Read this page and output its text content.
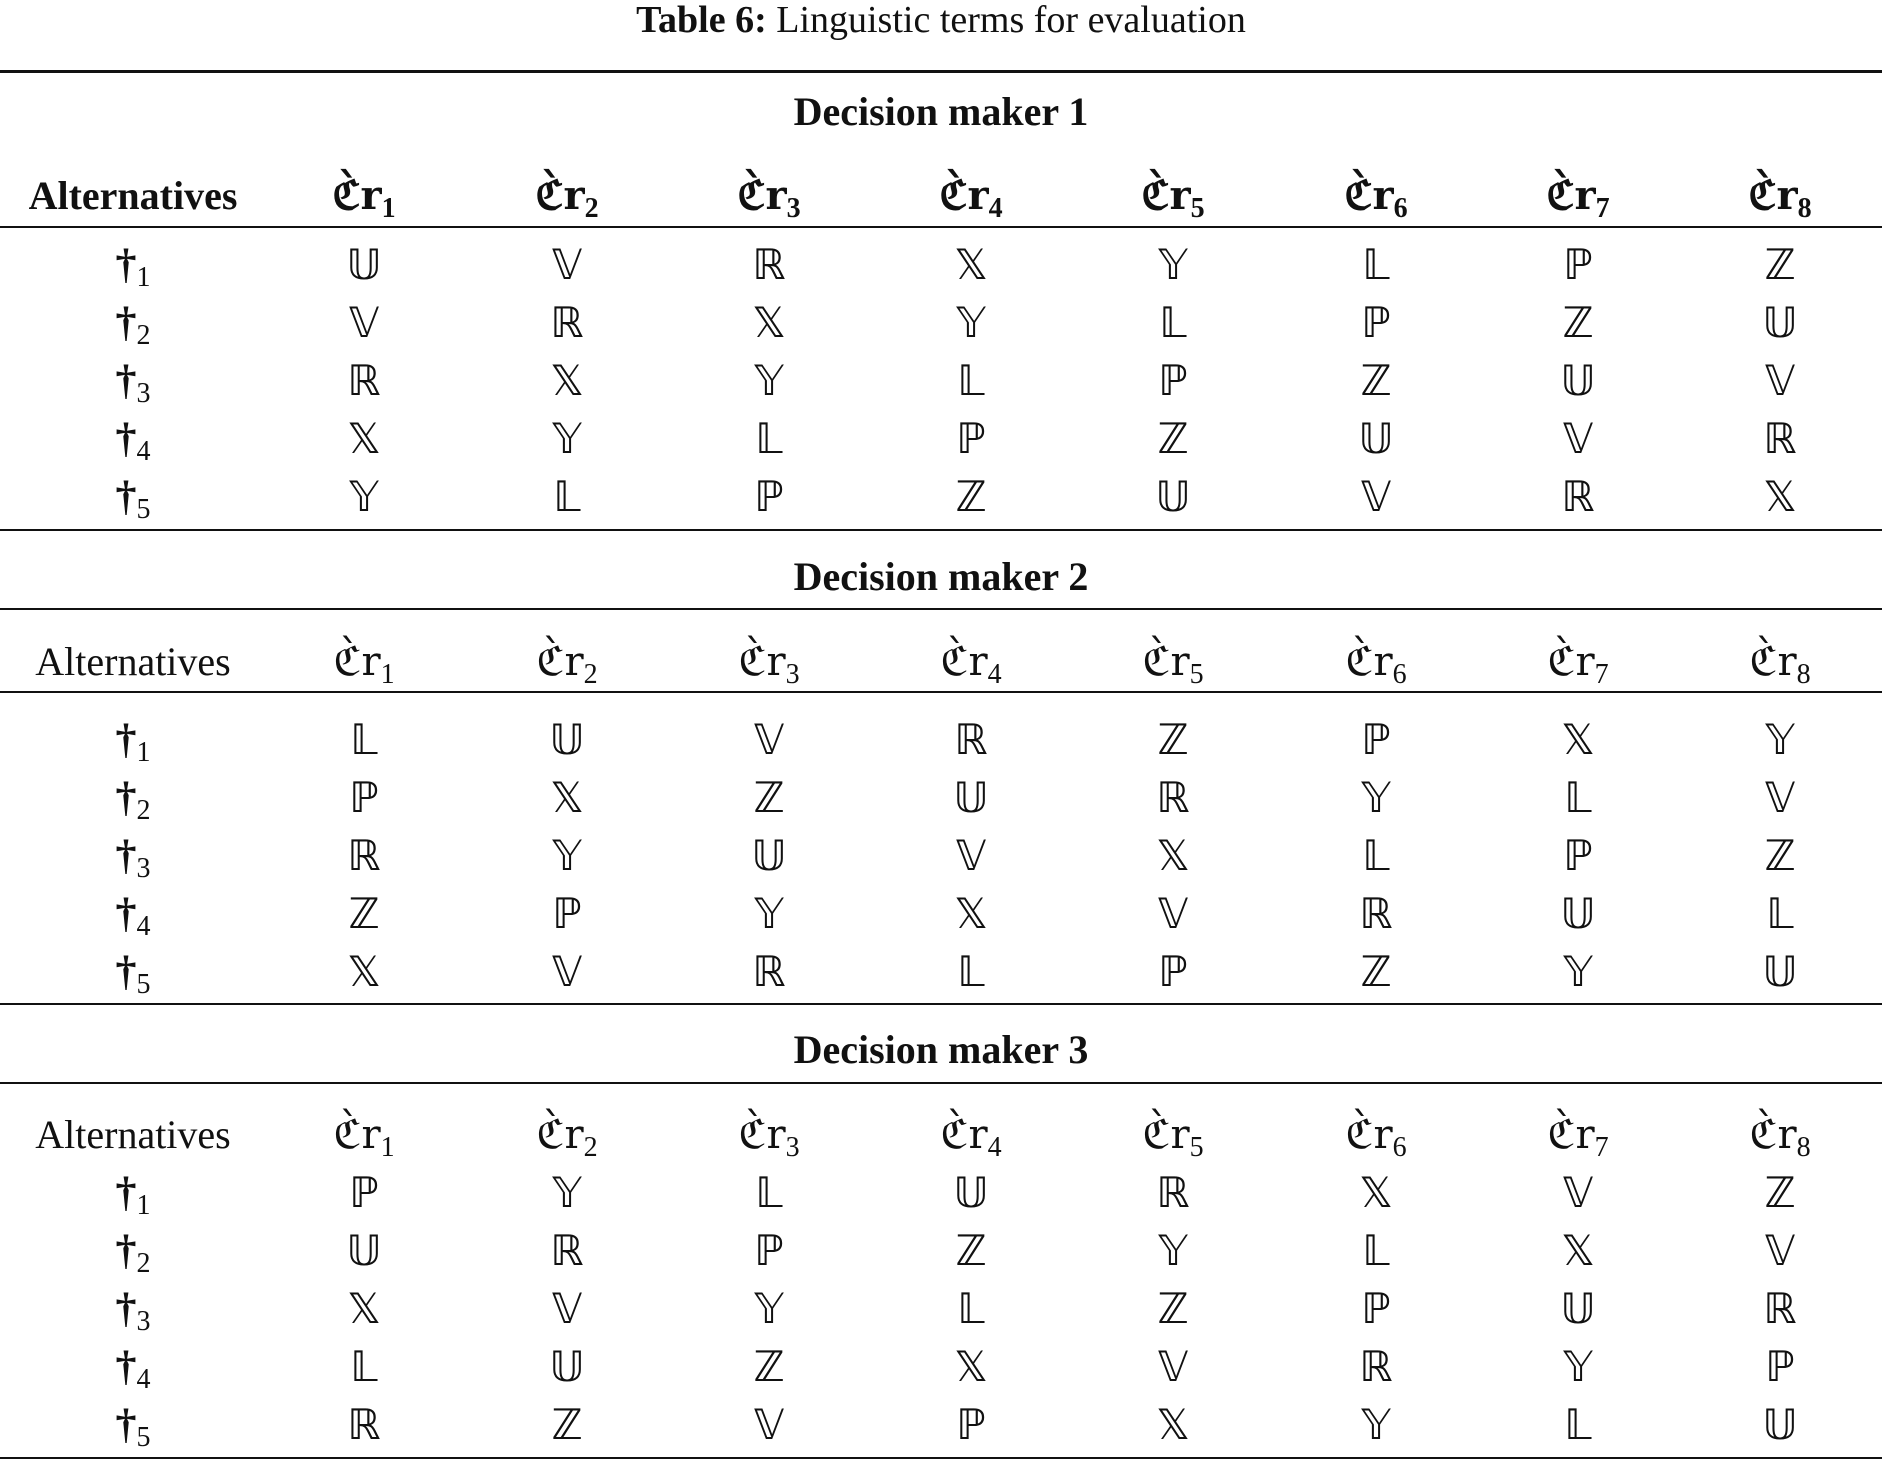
Table 6: Linguistic terms for evaluation
Decision maker 1
Alternatives $ℭ̀r_1$	$ℭ̀r_2$	$ℭ̀r_3$	$ℭ̀r_4$	$ℭ̀r_5$	$ℭ̀r_6$	$ℭ̀r_7$	$ℭ̀r_8$
$\dagger_1$	𝕌	𝕍	ℝ	𝕏	𝕐	𝕃	ℙ	ℤ
$\dagger_2$	𝕍	ℝ	𝕏	𝕐	𝕃	ℙ	ℤ	𝕌
$\dagger_3$	ℝ	𝕏	𝕐	𝕃	ℙ	ℤ	𝕌	𝕍
$\dagger_4$	𝕏	𝕐	𝕃	ℙ	ℤ	𝕌	𝕍	ℝ
$\dagger_5$	𝕐	𝕃	ℙ	ℤ	𝕌	𝕍	ℝ	𝕏
Decision maker 2
Alternatives	$ℭ̀r_1$	$ℭ̀r_2$	$ℭ̀r_3$	$ℭ̀r_4$	$ℭ̀r_5$	$ℭ̀r_6$	$ℭ̀r_7$	$ℭ̀r_8$
$\dagger_1$	𝕃	𝕌	𝕍	ℝ	ℤ	ℙ	𝕏	𝕐
$\dagger_2$	ℙ	𝕏	ℤ	𝕌	ℝ	𝕐	𝕃	𝕍
$\dagger_3$	ℝ	𝕐	𝕌	𝕍	𝕏	𝕃	ℙ	ℤ
$\dagger_4$	ℤ	ℙ	𝕐	𝕏	𝕍	ℝ	𝕌	𝕃
$\dagger_5$	𝕏	𝕍	ℝ	𝕃	ℙ	ℤ	𝕐	𝕌
Decision maker 3
Alternatives	$ℭ̀r_1$	$ℭ̀r_2$	$ℭ̀r_3$	$ℭ̀r_4$	$ℭ̀r_5$	$ℭ̀r_6$	$ℭ̀r_7$	$ℭ̀r_8$
$\dagger_1$	ℙ	𝕐	𝕃	𝕌	ℝ	𝕏	𝕍	ℤ
$\dagger_2$	𝕌	ℝ	ℙ	ℤ	𝕐	𝕃	𝕏	𝕍
$\dagger_3$	𝕏	𝕍	𝕐	𝕃	ℤ	ℙ	𝕌	ℝ
$\dagger_4$	𝕃	𝕌	ℤ	𝕏	𝕍	ℝ	𝕐	ℙ
$\dagger_5$	ℝ	ℤ	𝕍	ℙ	𝕏	𝕐	𝕃	𝕌
